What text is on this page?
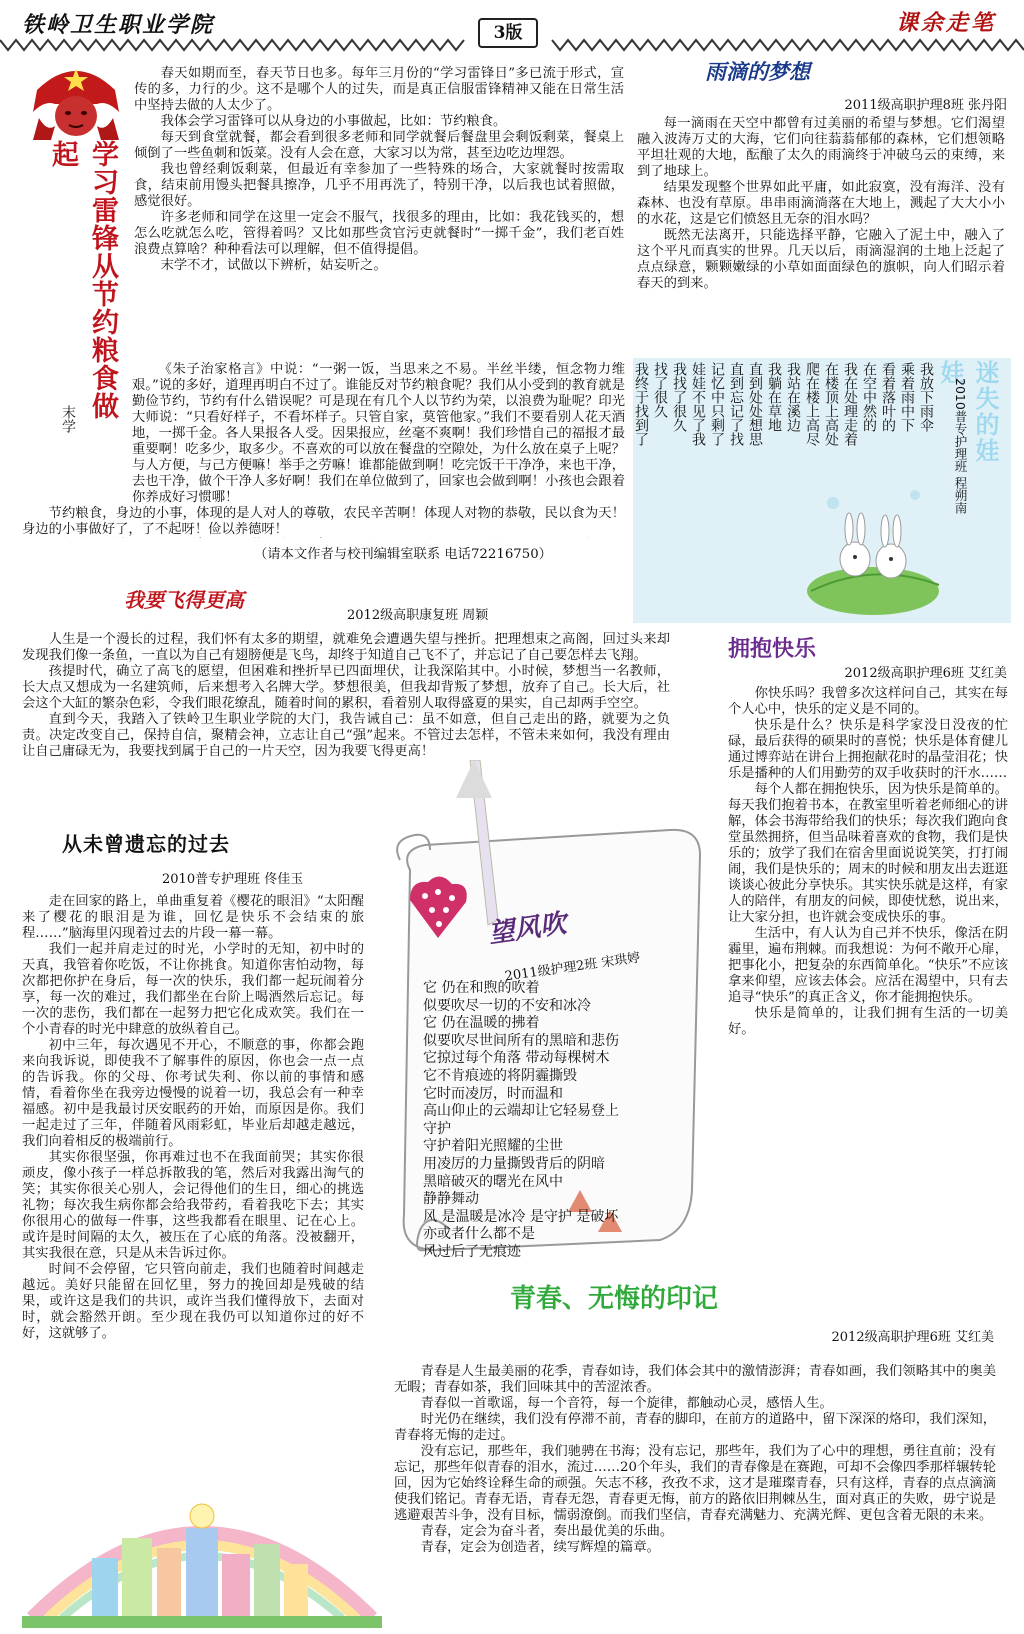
铁岭卫生职业学院	课余走笔
3版
学习雷锋从节约粮食做起
末学

春天如期而至，春天节日也多。每年三月份的“学习雷锋日”多已流于形式，宣传的多，力行的少。这不是哪个人的过失，而是真正信服雷锋精神又能在日常生活中坚持去做的人太少了。

我体会学习雷锋可以从身边的小事做起，比如：节约粮食。

每天到食堂就餐，都会看到很多老师和同学就餐后餐盘里会剩饭剩菜，餐桌上倾倒了一些鱼刺和饭菜。没有人会在意，大家习以为常，甚至边吃边埋怨。

我也曾经剩饭剩菜，但最近有幸参加了一些特殊的场合，大家就餐时按需取食，结束前用馒头把餐具擦净，几乎不用再洗了，特别干净，以后我也试着照做，感觉很好。

许多老师和同学在这里一定会不服气，找很多的理由，比如：我花钱买的，想怎么吃就怎么吃，管得着吗？又比如那些贪官污吏就餐时“一掷千金”，我们老百姓浪费点算啥？种种看法可以理解，但不值得提倡。

末学不才，试做以下辨析，姑妄听之。

《朱子治家格言》中说：“一粥一饭，当思来之不易。半丝半缕，恒念物力维艰。”说的多好，道理再明白不过了。谁能反对节约粮食呢？我们从小受到的教育就是勤俭节约，节约有什么错误呢？可是现在有几个人以节约为荣，以浪费为耻呢？印光大师说：“只看好样子，不看坏样子。只管自家，莫管他家。”我们不要看别人花天酒地，一掷千金。各人果报各人受。因果报应，丝毫不爽啊！我们珍惜自己的福报才最重要啊！吃多少，取多少。不喜欢的可以放在餐盘的空隙处，为什么放在桌子上呢？与人方便，与己方便嘛！举手之劳嘛！谁都能做到啊！吃完饭干干净净，来也干净，去也干净，做个干净人多好啊！我们在单位做到了，回家也会做到啊！小孩也会跟着你养成好习惯哪！

节约粮食，身边的小事，体现的是人对人的尊敬，农民辛苦啊！体现人对物的恭敬，民以食为天！身边的小事做好了，了不起呀！俭以养德呀！

（请本文作者与校刊编辑室联系 电话72216750）
雨滴的梦想
2011级高职护理8班 张丹阳

每一滴雨在天空中都曾有过美丽的希望与梦想。它们渴望融入波涛万丈的大海，它们向往蓊蓊郁郁的森林，它们想领略平坦壮观的大地，酝酿了太久的雨滴终于冲破乌云的束缚，来到了地球上。

结果发现整个世界如此平庸，如此寂寞，没有海洋、没有森林、也没有草原。串串雨滴淌落在大地上，溅起了大大小小的水花，这是它们愤怒且无奈的泪水吗？

既然无法离开，只能选择平静，它融入了泥土中，融入了这个平凡而真实的世界。几天以后，雨滴湿润的土地上泛起了点点绿意，颗颗嫩绿的小草如面面绿色的旗帜，向人们昭示着春天的到来。

迷失的娃娃
2010普专护理班 程朔南
我放下雨伞
乘着雨中下
看着落叶的
在空中然的
我在处理走着
在楼顶上高处
爬在楼上高尽
我站在溪边
我躺在草地
直到处处想思
直到忘记了找
记忆中只剩了
娃娃不见了我
我找了很久
找了很久
我终于找到了
我要飞得更高
2012级高职康复班 周颖

人生是一个漫长的过程，我们怀有太多的期望，就难免会遭遇失望与挫折。把理想束之高阁，回过头来却发现我们像一条鱼，一直以为自己有翅膀便是飞鸟，却终于知道自己飞不了，并忘记了自己要怎样去飞翔。

孩提时代，确立了高飞的愿望，但困难和挫折早已四面埋伏，让我深陷其中。小时候，梦想当一名教师，长大点又想成为一名建筑师，后来想考入名牌大学。梦想很美，但我却背叛了梦想，放弃了自己。长大后，社会这个大缸的繁杂色彩，令我们眼花缭乱，随着时间的累积，看着别人取得盛夏的果实，自己却两手空空。

直到今天，我踏入了铁岭卫生职业学院的大门，我告诫自己：虽不如意，但自己走出的路，就要为之负责。决定改变自己，保持自信，聚精会神，立志让自己“强”起来。不管过去怎样，不管未来如何，我没有理由让自己庸碌无为，我要找到属于自己的一片天空，因为我要飞得更高！

拥抱快乐
2012级高职护理6班 艾红美

你快乐吗？我曾多次这样问自己，其实在每个人心中，快乐的定义是不同的。

快乐是什么？快乐是科学家没日没夜的忙碌，最后获得的硕果时的喜悦；快乐是体育健儿通过博弈站在讲台上拥抱献花时的晶莹泪花；快乐是播种的人们用勤劳的双手收获时的汗水……

每个人都在拥抱快乐，因为快乐是简单的。每天我们抱着书本，在教室里听着老师细心的讲解，体会书海带给我们的快乐；每次我们跑向食堂虽然拥挤，但当品味着喜欢的食物，我们是快乐的；放学了我们在宿舍里面说说笑笑，打打闹闹，我们是快乐的；周末的时候和朋友出去逛逛谈谈心彼此分享快乐。其实快乐就是这样，有家人的陪伴，有朋友的问候，即使忧愁，说出来，让大家分担，也许就会变成快乐的事。

生活中，有人认为自己并不快乐，像活在阴霾里，遍布荆棘。而我想说：为何不敞开心扉，把事化小，把复杂的东西简单化。“快乐”不应该拿来仰望，应该去体会。应活在渴望中，只有去追寻“快乐”的真正含义，你才能拥抱快乐。

快乐是简单的，让我们拥有生活的一切美好。

从未曾遗忘的过去
2010普专护理班 佟佳玉

走在回家的路上，单曲重复着《樱花的眼泪》“太阳醒来了樱花的眼泪是为谁，回忆是快乐不会结束的旅程……”脑海里闪现着过去的片段一幕一幕。

我们一起并肩走过的时光，小学时的无知，初中时的天真，我管着你吃饭，不让你挑食。知道你害怕动物，每次都把你护在身后，每一次的快乐，我们都一起玩闹着分享，每一次的难过，我们都坐在台阶上喝酒然后忘记。每一次的悲伤，我们都在一起努力把它化成欢笑。我们在一个小青春的时光中肆意的放纵着自己。

初中三年，每次遇见不开心，不顺意的事，你都会跑来向我诉说，即使我不了解事件的原因，你也会一点一点的告诉我。你的父母、你考试失利、你以前的事情和感情，看着你坐在我旁边慢慢的说着一切，我总会有一种幸福感。初中是我最讨厌安眠药的开始，而原因是你。我们一起走过了三年，伴随着风雨彩虹，毕业后却越走越远，我们向着相反的极端前行。

其实你很坚强，你再难过也不在我面前哭；其实你很顽皮，像小孩子一样总拆散我的笔，然后对我露出淘气的笑；其实你很关心别人，会记得他们的生日，细心的挑选礼物；每次我生病你都会给我带药，看着我吃下去；其实你很用心的做每一件事，这些我都看在眼里、记在心上。或许是时间隔的太久，被压在了心底的角落。没被翻开，其实我很在意，只是从未告诉过你。

时间不会停留，它只管向前走，我们也随着时间越走越远。美好只能留在回忆里，努力的挽回却是残破的结果，或许这是我们的共识，或许当我们懂得放下，去面对时，就会豁然开朗。至少现在我仍可以知道你过的好不好，这就够了。

望风吹
2011级护理2班 宋珙婷
它 仍在和煦的吹着
似要吹尽一切的不安和冰冷
它 仍在温暖的拂着
似要吹尽世间所有的黑暗和悲伤
它掠过每个角落 带动每棵树木
它不肯痕迹的将阴霾撕毁
它时而凌厉，时而温和
高山仰止的云端却让它轻易登上
守护
守护着阳光照耀的尘世
用凌厉的力量撕毁背后的阴暗
黑暗破灭的曙光在风中
静静舞动
风 是温暖是冰冷 是守护 是破坏
亦或者什么都不是
风过后了无痕迹
青春、无悔的印记
2012级高职护理6班 艾红美

青春是人生最美丽的花季，青春如诗，我们体会其中的激情澎湃；青春如画，我们领略其中的奥美无暇；青春如茶，我们回味其中的苦涩浓香。

青春似一首歌谣，每一个音符，每一个旋律，都触动心灵，感悟人生。

时光仍在继续，我们没有停滞不前，青春的脚印，在前方的道路中，留下深深的烙印，我们深知，青春将无悔的走过。

没有忘记，那些年，我们驰骋在书海；没有忘记，那些年，我们为了心中的理想，勇往直前；没有忘记，那些年似青春的泪水，流过……20个年头，我们的青春像是在赛跑，可却不会像四季那样辗转轮回，因为它始终诠释生命的顽强。矢志不移，孜孜不求，这才是璀璨青春，只有这样，青春的点点滴滴使我们铭记。青春无语，青春无怨，青春更无悔，前方的路依旧荆棘丛生，面对真正的失败，毋宁说是逃避艰苦斗争，没有目标，懦弱潦倒。而我们坚信，青春充满魅力、充满光辉、更包含着无限的未来。

青春，定会为奋斗者，奏出最优美的乐曲。

青春，定会为创造者，续写辉煌的篇章。
